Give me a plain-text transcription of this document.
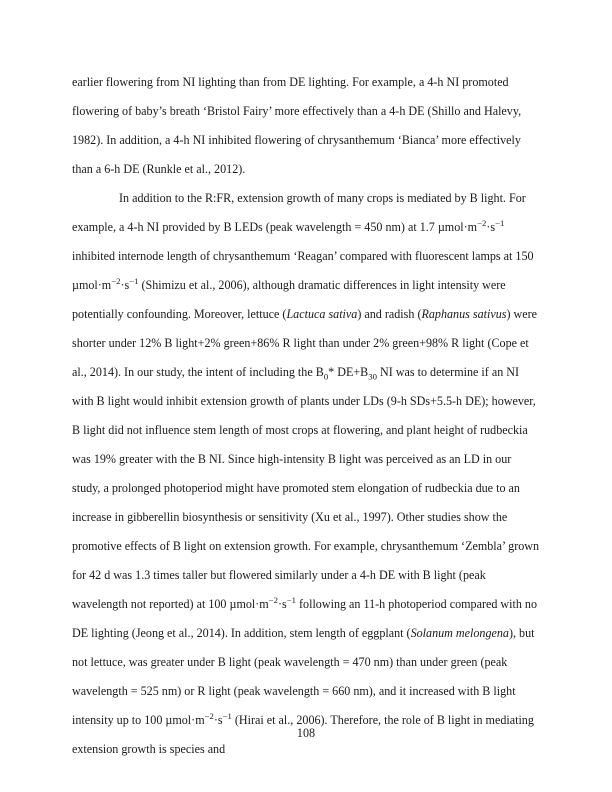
earlier flowering from NI lighting than from DE lighting. For example, a 4-h NI promoted flowering of baby’s breath ‘Bristol Fairy’ more effectively than a 4-h DE (Shillo and Halevy, 1982). In addition, a 4-h NI inhibited flowering of chrysanthemum ‘Bianca’ more effectively than a 6-h DE (Runkle et al., 2012).

In addition to the R:FR, extension growth of many crops is mediated by B light. For example, a 4-h NI provided by B LEDs (peak wavelength = 450 nm) at 1.7 $\mu mol\cdot m^{-2}\cdot s^{-1}$ inhibited internode length of chrysanthemum ‘Reagan’ compared with fluorescent lamps at 150 $\mu mol\cdot m^{-2}\cdot s^{-1}$ (Shimizu et al., 2006), although dramatic differences in light intensity were potentially confounding. Moreover, lettuce (Lactuca sativa) and radish (Raphanus sativus) were shorter under 12% B light+2% green+86% R light than under 2% green+98% R light (Cope et al., 2014). In our study, the intent of including the $B_0*$ $DE+B_{30}$ NI was to determine if an NI with B light would inhibit extension growth of plants under LDs (9-h SDs+5.5-h DE); however, B light did not influence stem length of most crops at flowering, and plant height of rudbeckia was 19% greater with the B NI. Since high-intensity B light was perceived as an LD in our study, a prolonged photoperiod might have promoted stem elongation of rudbeckia due to an increase in gibberellin biosynthesis or sensitivity (Xu et al., 1997). Other studies show the promotive effects of B light on extension growth. For example, chrysanthemum ‘Zembla’ grown for 42 d was 1.3 times taller but flowered similarly under a 4-h DE with B light (peak wavelength not reported) at 100 $\mu mol\cdot m^{-2}\cdot s^{-1}$ following an 11-h photoperiod compared with no DE lighting (Jeong et al., 2014). In addition, stem length of eggplant (Solanum melongena), but not lettuce, was greater under B light (peak wavelength = 470 nm) than under green (peak wavelength = 525 nm) or R light (peak wavelength = 660 nm), and it increased with B light intensity up to 100 $\mu mol\cdot m^{-2}\cdot s^{-1}$ (Hirai et al., 2006). Therefore, the role of B light in mediating extension growth is species and

108
